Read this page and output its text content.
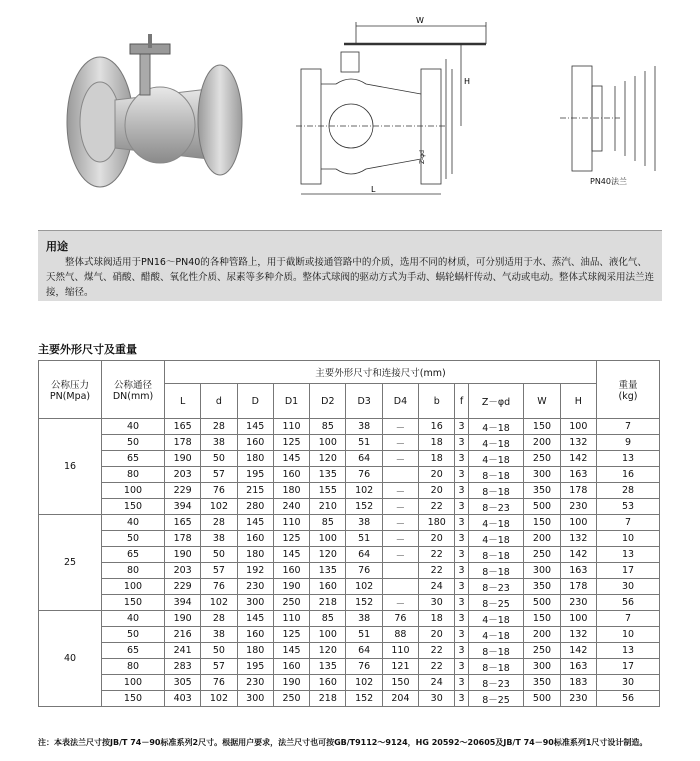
W
H
L
Z-φd
PN40法兰
用途
整体式球阀适用于PN16～PN40的各种管路上，用于截断或接通管路中的介质，选用不同的材质，可分别适用于水、蒸汽、油品、液化气、天然气、煤气、硝酸、醋酸、氧化性介质、尿素等多种介质。整体式球阀的驱动方式为手动、蜗轮蜗杆传动、气动或电动。整体式球阀采用法兰连接，缩径。
主要外形尺寸及重量
公称压力
PN(Mpa)	公称通径
DN(mm)	主要外形尺寸和连接尺寸(mm)												重量
(kg)
		L	d	D	D1	D2	D3	D4	b	f	Z－φd	W	H	
16	40	165	28	145	110	85	38	－	16	3	4－18	150	100	7
	50	178	38	160	125	100	51	－	18	3	4－18	200	132	9
	65	190	50	180	145	120	64	－	18	3	4－18	250	142	13
	80	203	57	195	160	135	76		20	3	8－18	300	163	16
	100	229	76	215	180	155	102	－	20	3	8－18	350	178	28
	150	394	102	280	240	210	152	－	22	3	8－23	500	230	53
25	40	165	28	145	110	85	38	－	180	3	4－18	150	100	7
	50	178	38	160	125	100	51	－	20	3	4－18	200	132	10
	65	190	50	180	145	120	64	－	22	3	8－18	250	142	13
	80	203	57	192	160	135	76		22	3	8－18	300	163	17
	100	229	76	230	190	160	102		24	3	8－23	350	178	30
	150	394	102	300	250	218	152	－	30	3	8－25	500	230	56
40	40	190	28	145	110	85	38	76	18	3	4－18	150	100	7
	50	216	38	160	125	100	51	88	20	3	4－18	200	132	10
	65	241	50	180	145	120	64	110	22	3	8－18	250	142	13
	80	283	57	195	160	135	76	121	22	3	8－18	300	163	17
	100	305	76	230	190	160	102	150	24	3	8－23	350	183	30
	150	403	102	300	250	218	152	204	30	3	8－25	500	230	56
注：本表法兰尺寸按JB/T 74－90标准系列2尺寸。根据用户要求，法兰尺寸也可按GB/T9112～9124，HG 20592～20605及JB/T 74－90标准系列1尺寸设计制造。
